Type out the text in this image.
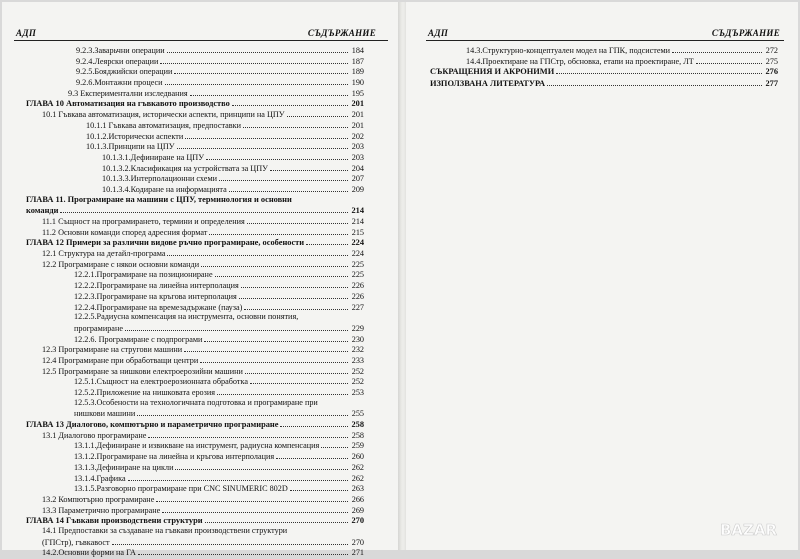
АДП	СЪДЪРЖАНИЕ
9.2.3.Заварьчни операции	184
9.2.4.Леярски операции	187
9.2.5.Бояджийски операции	189
9.2.6.Монтажни процеси	190
9.3 Експериментални изследвания	195
ГЛАВА 10 Автоматизация на гъвкавото производство	201
10.1 Гъвкава автоматизация, исторически аспекти, принципи на ЦПУ	201
10.1.1 Гъвкава автоматизация, предпоставки	201
10.1.2.Исторически аспекти	202
10.1.3.Принципи на ЦПУ	203
10.1.3.1.Дефиниране на ЦПУ	203
10.1.3.2.Класификация на устройствата за ЦПУ	204
10.1.3.3.Интерполационни схеми	207
10.1.3.4.Кодиране на информацията	209
ГЛАВА 11. Програмиране на машини с ЦПУ, терминология и основни
команди	214
11.1 Същност на програмирането, термини и определения	214
11.2 Основни команди според адресния формат	215
ГЛАВА 12 Примери за различни видове ръчно програмиране, особености	224
12.1 Структура на детайл-програма	224
12.2 Програмиране с някои основни команди	225
12.2.1.Програмиране на позициониране	225
12.2.2.Програмиране на линейна интерполация	226
12.2.3.Програмиране на кръгова интерполация	226
12.2.4.Програмиране на времезадържане (пауза)	227
12.2.5.Радиусна компенсация на инструмента, основни понятия,
програмиране	229
12.2.6. Програмиране с подпрограми	230
12.3 Програмиране на стругови машини	232
12.4 Програмиране при обработващи центри	233
12.5 Програмиране за нишкови електроерозийни машини	252
12.5.1.Същност на електроерозионната обработка	252
12.5.2.Приложение на нишковата ерозия	253
12.5.3.Особености на технологичната подготовка и програмиране при
нишкови машини	255
ГЛАВА 13 Диалогово, компютърно и параметрично програмиране	258
13.1 Диалогово програмиране	258
13.1.1.Дефиниране и извикване на инструмент, радиусна компенсация	259
13.1.2.Програмиране на линейна и кръгова интерполация	260
13.1.3.Дефиниране на цикли	262
13.1.4.Графика	262
13.1.5.Разговорно програмиране при CNC SINUMERIC 802D	263
13.2 Компютърно програмиране	266
13.3 Параметрично програмиране	269
ГЛАВА 14 Гъвкави производствени структури	270
14.1 Предпоставки за създаване на гъвкави производствени структури
(ГПСтр), гъвкавост	270
14.2.Основни форми на ГА	271
АДП	СЪДЪРЖАНИЕ
14.3.Структурно-концептуален модел на ГПК, подсистеми	272
14.4.Проектиране на ГПСтр, обсновка, етапи на проектиране, ЛТ	275
СЪКРАЩЕНИЯ И АКРОНИМИ	276
ИЗПОЛЗВАНА ЛИТЕРАТУРА	277
BAZAR
